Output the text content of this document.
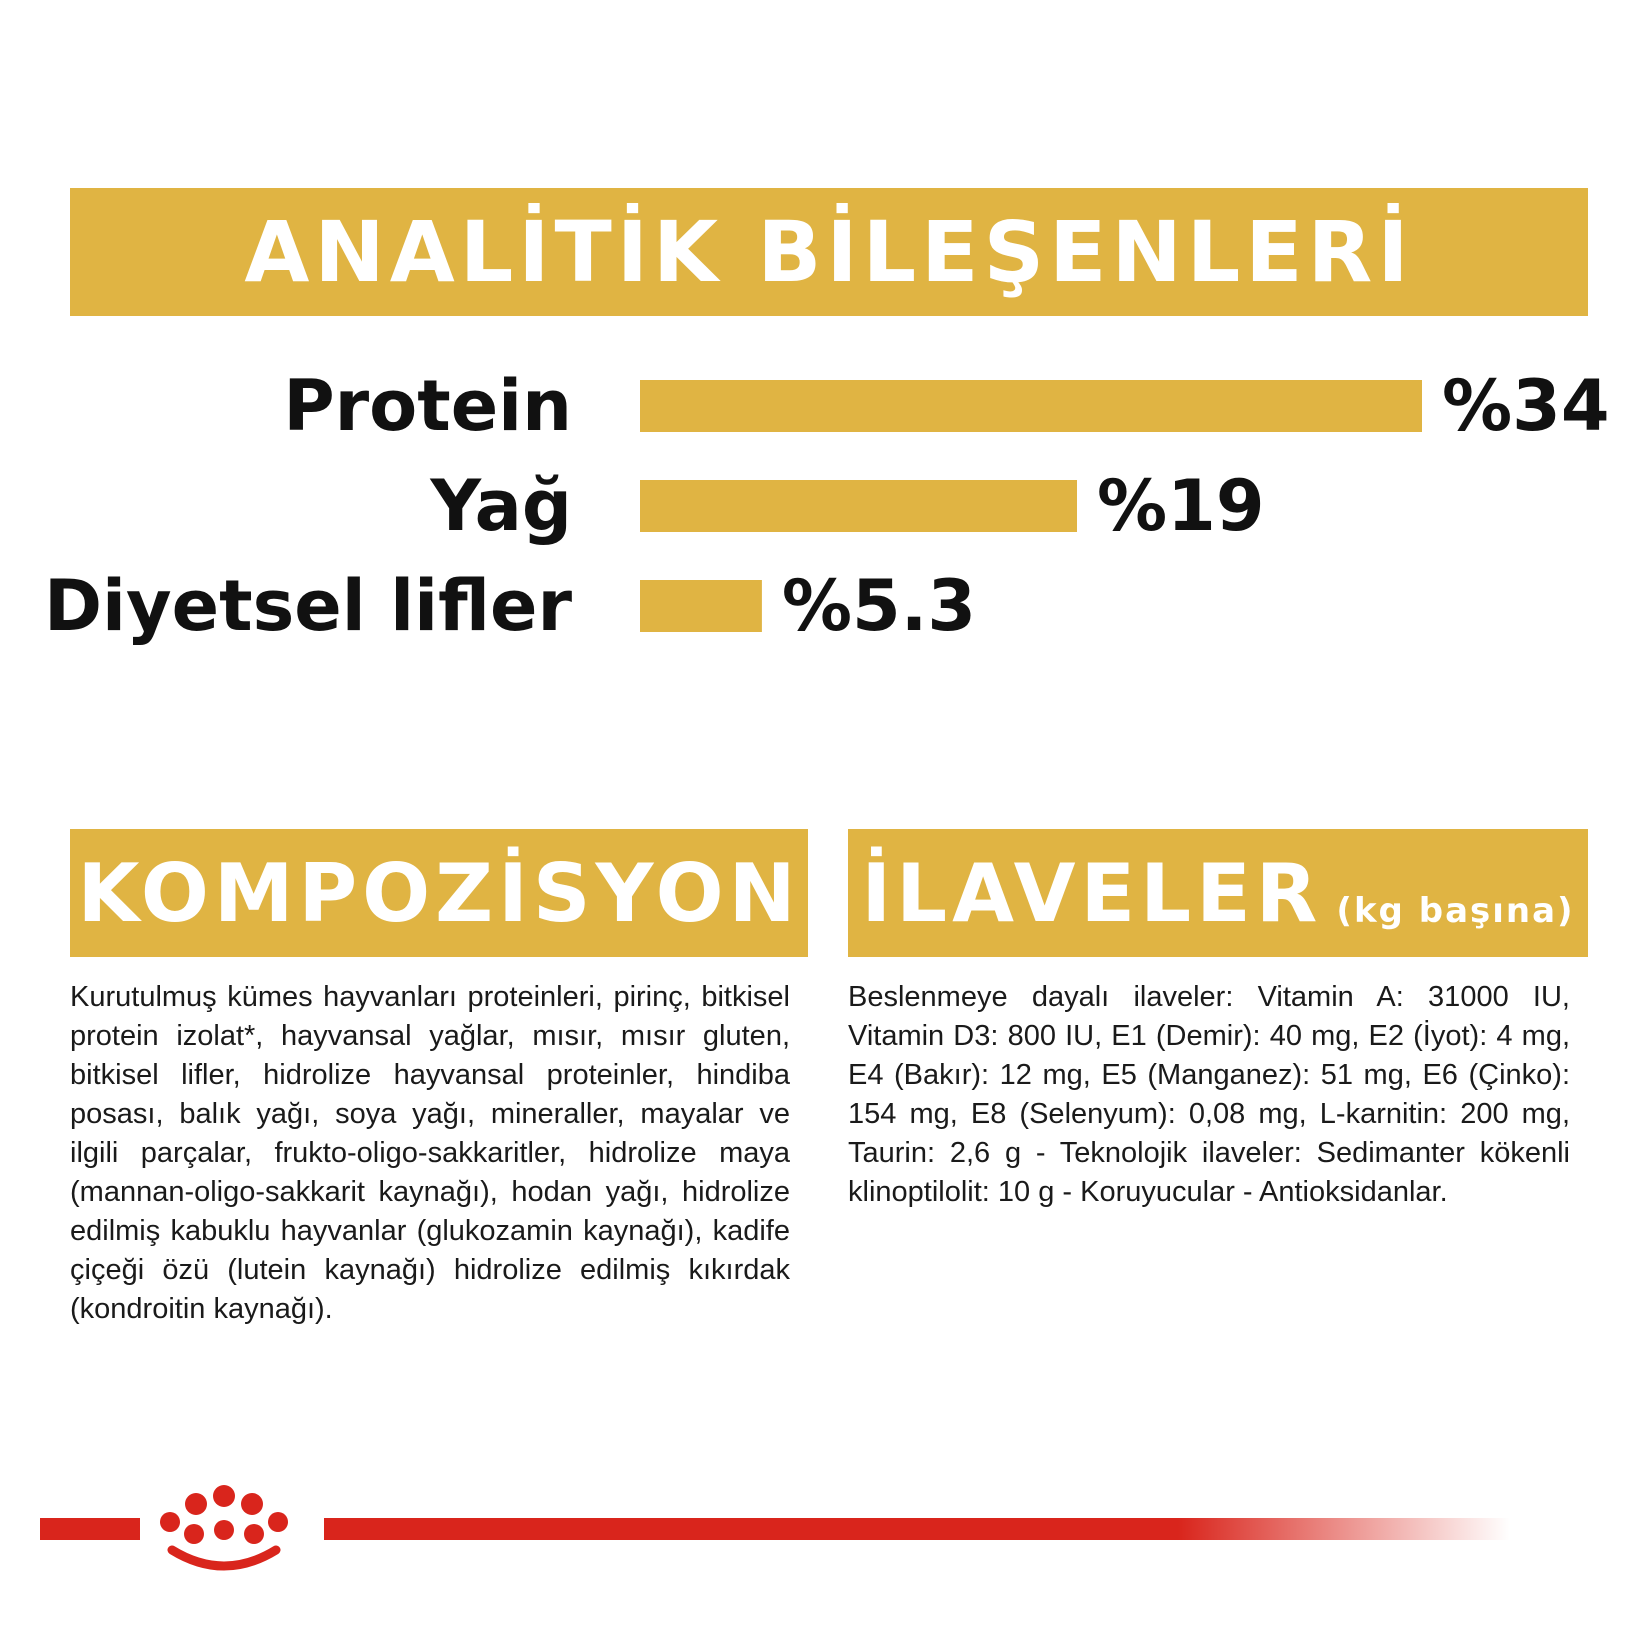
ANALİTİK BİLEŞENLERİ
Protein	%34
Yağ	%19
Diyetsel lifler	%5.3
KOMPOZİSYON

Kurutulmuş kümes hayvanları proteinleri, pirinç, bitkisel protein izolat*, hayvansal yağlar, mısır, mısır gluten, bitkisel lifler, hidrolize hayvansal proteinler, hindiba posası, balık yağı, soya yağı, mineraller, mayalar ve ilgili parçalar, frukto-oligo-sakkaritler, hidrolize maya (mannan-oligo-sakkarit kaynağı), hodan yağı, hidrolize edilmiş kabuklu hayvanlar (glukozamin kaynağı), kadife çiçeği özü (lutein kaynağı) hidrolize edilmiş kıkırdak (kondroitin kaynağı).

İLAVELER (kg başına)

Beslenmeye dayalı ilaveler: Vitamin A: 31000 IU, Vitamin D3: 800 IU, E1 (Demir): 40 mg, E2 (İyot): 4 mg, E4 (Bakır): 12 mg, E5 (Manganez): 51 mg, E6 (Çinko): 154 mg, E8 (Selenyum): 0,08 mg, L-karnitin: 200 mg, Taurin: 2,6 g - Teknolojik ilaveler: Sedimanter kökenli klinoptilolit: 10 g - Koruyucular - Antioksidanlar.
